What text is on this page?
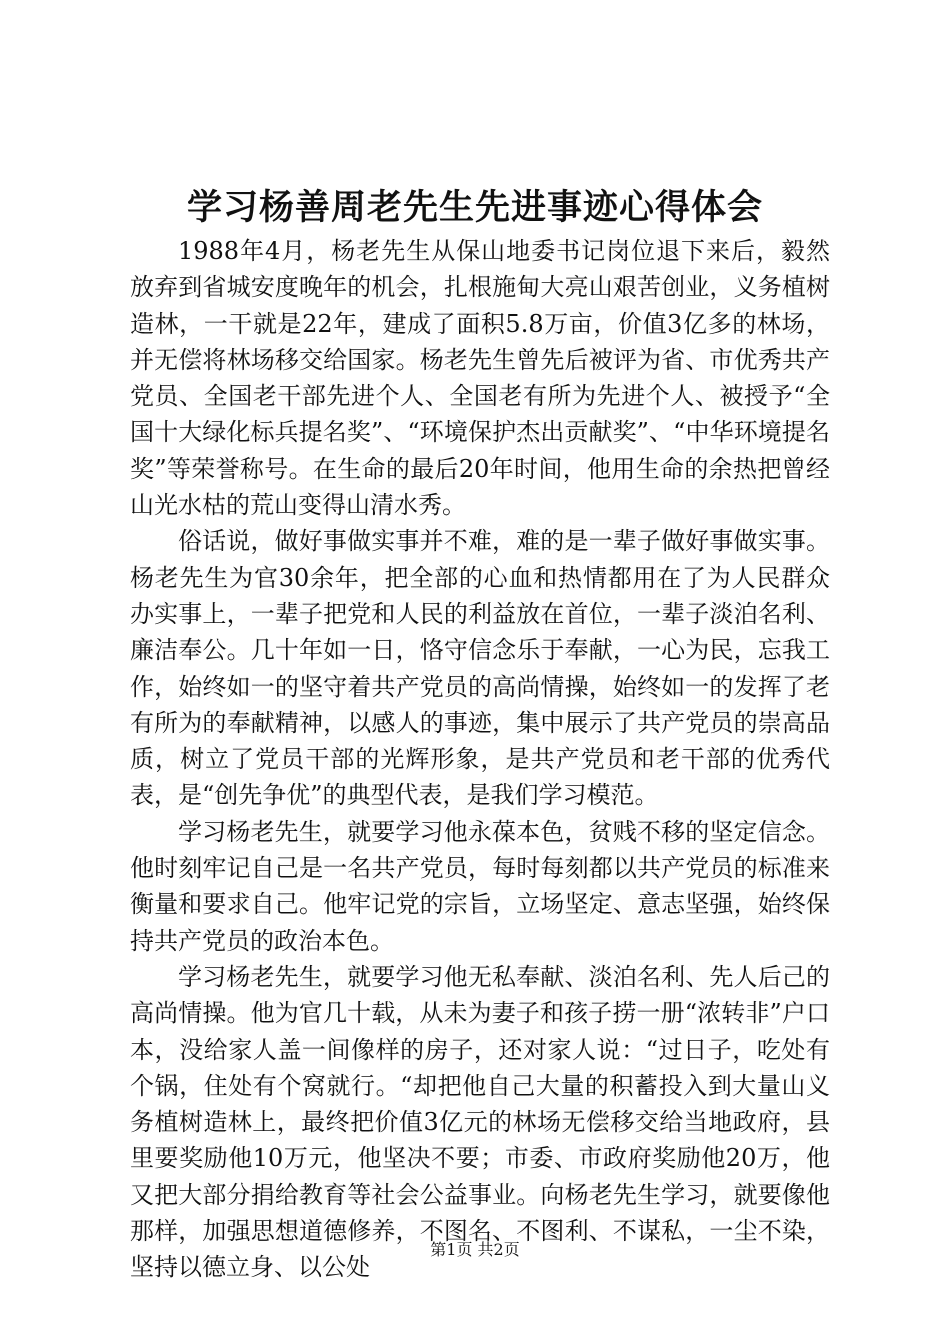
学习杨善周老先生先进事迹心得体会

1988年4月，杨老先生从保山地委书记岗位退下来后，毅然放弃到省城安度晚年的机会，扎根施甸大亮山艰苦创业，义务植树造林，一干就是22年，建成了面积5.8万亩，价值3亿多的林场，并无偿将林场移交给国家。杨老先生曾先后被评为省、市优秀共产党员、全国老干部先进个人、全国老有所为先进个人、被授予“全国十大绿化标兵提名奖”、“环境保护杰出贡献奖”、“中华环境提名奖”等荣誉称号。在生命的最后20年时间，他用生命的余热把曾经山光水枯的荒山变得山清水秀。

俗话说，做好事做实事并不难，难的是一辈子做好事做实事。杨老先生为官30余年，把全部的心血和热情都用在了为人民群众办实事上，一辈子把党和人民的利益放在首位，一辈子淡泊名利、廉洁奉公。几十年如一日，恪守信念乐于奉献，一心为民，忘我工作，始终如一的坚守着共产党员的高尚情操，始终如一的发挥了老有所为的奉献精神，以感人的事迹，集中展示了共产党员的崇高品质，树立了党员干部的光辉形象，是共产党员和老干部的优秀代表，是“创先争优”的典型代表，是我们学习模范。

学习杨老先生，就要学习他永葆本色，贫贱不移的坚定信念。他时刻牢记自己是一名共产党员，每时每刻都以共产党员的标准来衡量和要求自己。他牢记党的宗旨，立场坚定、意志坚强，始终保持共产党员的政治本色。

学习杨老先生，就要学习他无私奉献、淡泊名利、先人后己的高尚情操。他为官几十载，从未为妻子和孩子捞一册“浓转非”户口本，没给家人盖一间像样的房子，还对家人说：“过日子，吃处有个锅，住处有个窝就行。“却把他自己大量的积蓄投入到大量山义务植树造林上，最终把价值3亿元的林场无偿移交给当地政府，县里要奖励他10万元，他坚决不要；市委、市政府奖励他20万，他又把大部分捐给教育等社会公益事业。向杨老先生学习，就要像他那样，加强思想道德修养，不图名、不图利、不谋私，一尘不染，坚持以德立身、以公处

第1页 共2页
